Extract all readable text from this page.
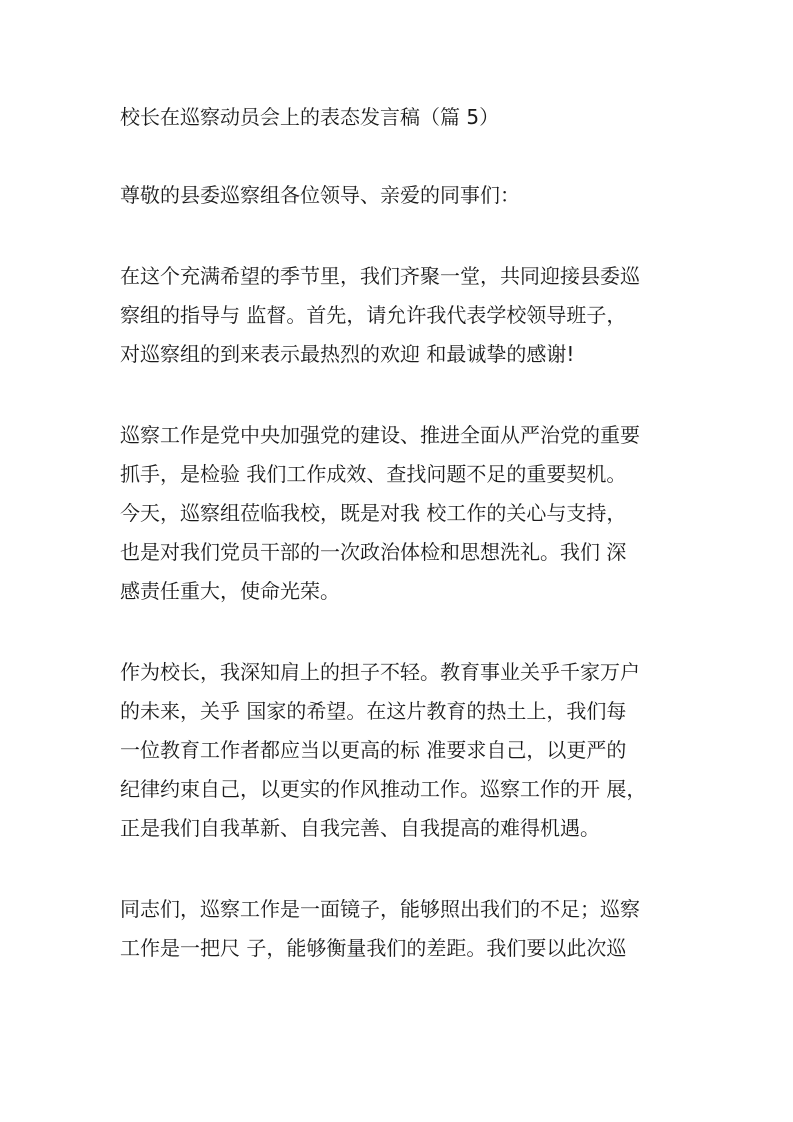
校长在巡察动员会上的表态发言稿（篇 5）
尊敬的县委巡察组各位领导、亲爱的同事们：
在这个充满希望的季节里，我们齐聚一堂，共同迎接县委巡
察组的指导与 监督。首先，请允许我代表学校领导班子，
对巡察组的到来表示最热烈的欢迎 和最诚挚的感谢!
巡察工作是党中央加强党的建设、推进全面从严治党的重要
抓手，是检验 我们工作成效、查找问题不足的重要契机。
今天，巡察组莅临我校，既是对我 校工作的关心与支持，
也是对我们党员干部的一次政治体检和思想洗礼。我们 深
感责任重大，使命光荣。
作为校长，我深知肩上的担子不轻。教育事业关乎千家万户
的未来，关乎 国家的希望。在这片教育的热土上，我们每
一位教育工作者都应当以更高的标 准要求自己，以更严的
纪律约束自己，以更实的作风推动工作。巡察工作的开 展，
正是我们自我革新、自我完善、自我提高的难得机遇。
同志们，巡察工作是一面镜子，能够照出我们的不足；巡察
工作是一把尺 子，能够衡量我们的差距。我们要以此次巡
